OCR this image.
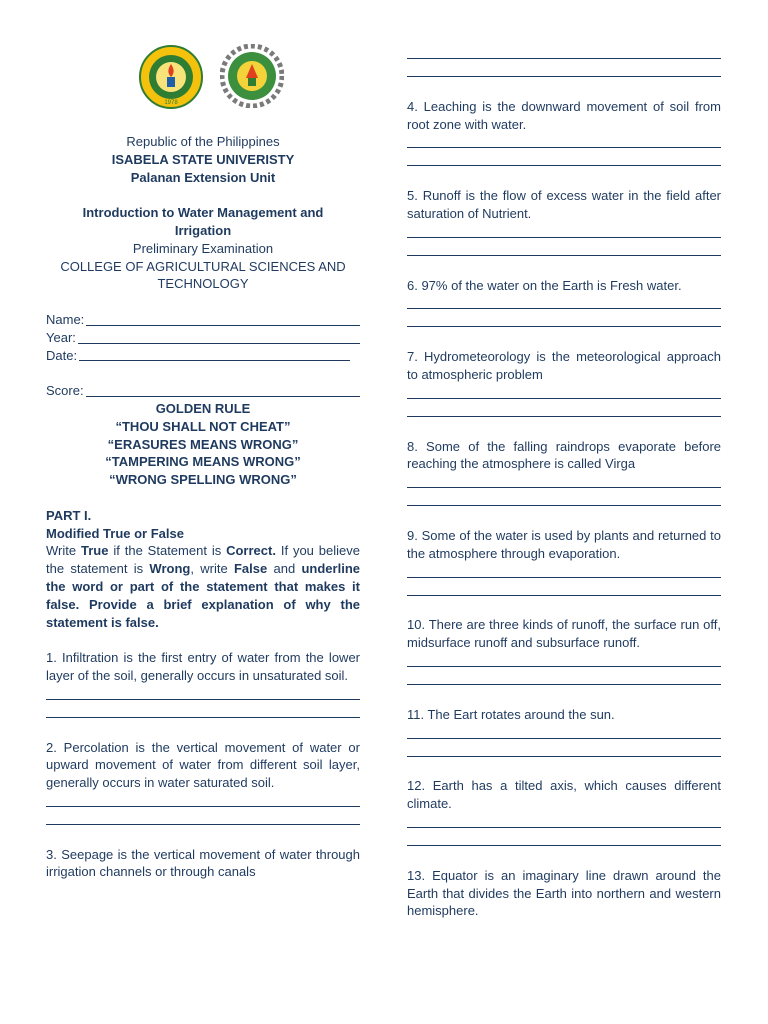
1978
Republic of the Philippines
ISABELA STATE UNIVERISTY
Palanan Extension Unit
Introduction to Water Management and
Irrigation
Preliminary Examination
COLLEGE OF AGRICULTURAL SCIENCES AND
TECHNOLOGY
Name:
Year:
Date:
Score:
GOLDEN RULE
“THOU SHALL NOT CHEAT”
“ERASURES MEANS WRONG”
“TAMPERING MEANS WRONG”
“WRONG SPELLING WRONG”
PART I.
Modified True or False
Write True if the Statement is Correct. If you believe the statement is Wrong, write False and underline the word or part of the statement that makes it false. Provide a brief explanation of why the statement is false.
1. Infiltration is the first entry of water from the lower layer of the soil, generally occurs in unsaturated soil.
2. Percolation is the vertical movement of water or upward movement of water from different soil layer, generally occurs in water saturated soil.
3. Seepage is the vertical movement of water through irrigation channels or through canals
4. Leaching is the downward movement of soil from root zone with water.
5. Runoff is the flow of excess water in the field after saturation of Nutrient.
6. 97% of the water on the Earth is Fresh water.
7. Hydrometeorology is the meteorological approach to atmospheric problem
8. Some of the falling raindrops evaporate before reaching the atmosphere is called Virga
9. Some of the water is used by plants and returned to the atmosphere through evaporation.
10. There are three kinds of runoff, the surface run off, midsurface runoff and subsurface runoff.
11. The Eart rotates around the sun.
12. Earth has a tilted axis, which causes different climate.
13. Equator is an imaginary line drawn around the Earth that divides the Earth into northern and western hemisphere.
